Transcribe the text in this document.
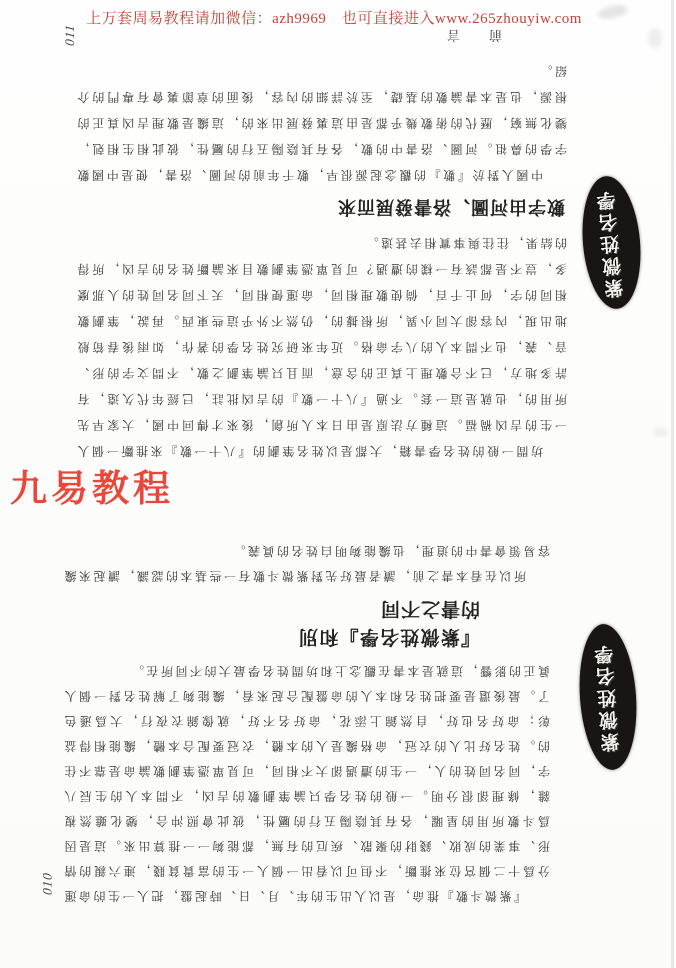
上万套周易教程请加微信：azh9969　也可直接进入www.265zhouyiw.com

坊間一般的姓名學書籍，大都是以姓名筆劃的『八十一數』來推斷一個人一生的吉凶禍福。這種方法原是由日本人所創，後來才傳回中國，大家早先所用的，也就是這一套。不過『八十一數』的吉凶批註，已經年代久遠，有許多地方，已不合數理上真正的含意，而且只論筆劃之數，不問文字的形、音、義，也不問本人的八字命格。近年來研究姓名學的著作，如雨後春筍般地出現，內容卻大同小異，所根據的，仍然不外乎這些東西。再說，筆劃數相同的字，何止千百，倘使數理相同，命運便相同，天下同名同姓的人那麼多，豈不是都該有一樣的遭遇？可見單憑筆劃數目來論斷姓名的吉凶，所得的結果，往往與事實相去甚遠。

數字由河圖、洛書發展而來

中國人對於『數』的觀念起源很早，數千年前的河圖、洛書，便是中國數字學的鼻祖。河圖、洛書中的數，各有其陰陽五行的屬性，彼此相生相剋，變化無窮，歷代的術數幾乎都是由這裏發展出來的，這纔是數理吉凶真正的根源，也是本書論數的基礎，至於詳細的內容，後面的章節裏會有專門的介紹。

前　言
011
九易教程
010

『紫微斗數』推命，是以人出生的年、月、日、時起盤，把人一生的命運分爲十二個宮位來推斷，不但可以看出一個人一生的富貴貧賤，連六親的情形、事業的成敗、錢財的聚散、疾厄的有無，都能夠一一推算出來。這是因爲斗數所用的星曜，各有其陰陽五行的屬性，彼此會照沖合，變化雖然複雜，條理卻很分明。一般的姓名學只論筆劃數的吉凶，不問本人的生辰八字，同名同姓的人，一生的遭遇卻大不相同，可見單憑筆劃數論命是靠不住的。姓名好比人的衣冠，命格纔是人的本體，衣冠要配合本體，纔能相得益彰；命好名也好，自然錦上添花，命好名不好，就像錦衣夜行，大爲遜色了。最後還是要把姓名和本人的命盤配合起來看，纔能夠了解姓名對一個人眞正的影響，這就是本書在觀念上和坊間姓名學最大的不同所在。

『紫微姓名學』和別的書之不同

所以在看本書之前，讀者最好先對紫微斗數有一些基本的認識，讀起來纔容易領會書中的道理，也纔能夠明白姓名的眞義。

紫微姓名學
紫微姓名學
